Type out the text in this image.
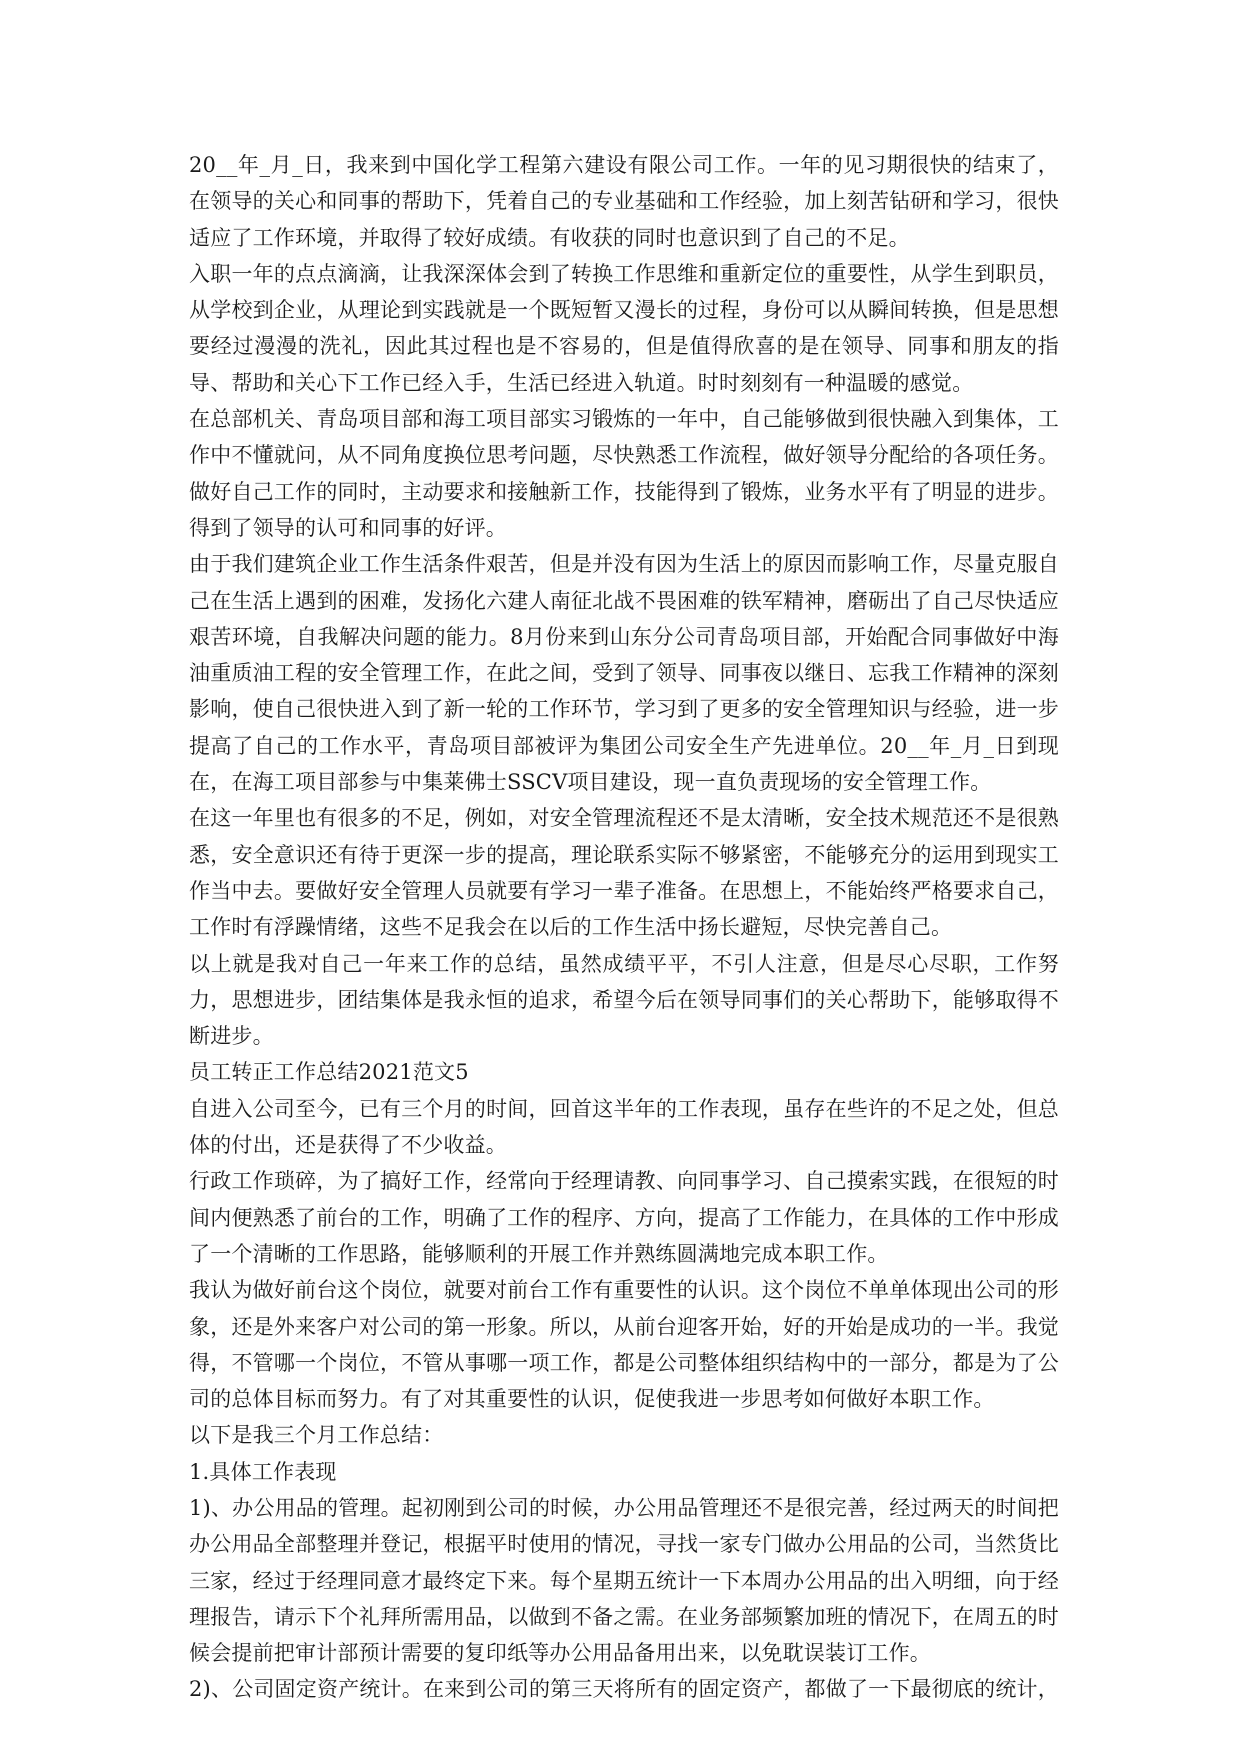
20__年_月_日，我来到中国化学工程第六建设有限公司工作。一年的见习期很快的结束了，在领导的关心和同事的帮助下，凭着自己的专业基础和工作经验，加上刻苦钻研和学习，很快适应了工作环境，并取得了较好成绩。有收获的同时也意识到了自己的不足。

入职一年的点点滴滴，让我深深体会到了转换工作思维和重新定位的重要性，从学生到职员，从学校到企业，从理论到实践就是一个既短暂又漫长的过程，身份可以从瞬间转换，但是思想要经过漫漫的洗礼，因此其过程也是不容易的，但是值得欣喜的是在领导、同事和朋友的指导、帮助和关心下工作已经入手，生活已经进入轨道。时时刻刻有一种温暖的感觉。

在总部机关、青岛项目部和海工项目部实习锻炼的一年中，自己能够做到很快融入到集体，工作中不懂就问，从不同角度换位思考问题，尽快熟悉工作流程，做好领导分配给的各项任务。做好自己工作的同时，主动要求和接触新工作，技能得到了锻炼，业务水平有了明显的进步。得到了领导的认可和同事的好评。

由于我们建筑企业工作生活条件艰苦，但是并没有因为生活上的原因而影响工作，尽量克服自己在生活上遇到的困难，发扬化六建人南征北战不畏困难的铁军精神，磨砺出了自己尽快适应艰苦环境，自我解决问题的能力。8月份来到山东分公司青岛项目部，开始配合同事做好中海油重质油工程的安全管理工作，在此之间，受到了领导、同事夜以继日、忘我工作精神的深刻影响，使自己很快进入到了新一轮的工作环节，学习到了更多的安全管理知识与经验，进一步提高了自己的工作水平，青岛项目部被评为集团公司安全生产先进单位。20__年_月_日到现在，在海工项目部参与中集莱佛士SSCV项目建设，现一直负责现场的安全管理工作。

在这一年里也有很多的不足，例如，对安全管理流程还不是太清晰，安全技术规范还不是很熟悉，安全意识还有待于更深一步的提高，理论联系实际不够紧密，不能够充分的运用到现实工作当中去。要做好安全管理人员就要有学习一辈子准备。在思想上，不能始终严格要求自己，工作时有浮躁情绪，这些不足我会在以后的工作生活中扬长避短，尽快完善自己。

以上就是我对自己一年来工作的总结，虽然成绩平平，不引人注意，但是尽心尽职，工作努力，思想进步，团结集体是我永恒的追求，希望今后在领导同事们的关心帮助下，能够取得不断进步。

员工转正工作总结2021范文5

自进入公司至今，已有三个月的时间，回首这半年的工作表现，虽存在些许的不足之处，但总体的付出，还是获得了不少收益。

行政工作琐碎，为了搞好工作，经常向于经理请教、向同事学习、自己摸索实践，在很短的时间内便熟悉了前台的工作，明确了工作的程序、方向，提高了工作能力，在具体的工作中形成了一个清晰的工作思路，能够顺利的开展工作并熟练圆满地完成本职工作。

我认为做好前台这个岗位，就要对前台工作有重要性的认识。这个岗位不单单体现出公司的形象，还是外来客户对公司的第一形象。所以，从前台迎客开始，好的开始是成功的一半。我觉得，不管哪一个岗位，不管从事哪一项工作，都是公司整体组织结构中的一部分，都是为了公司的总体目标而努力。有了对其重要性的认识，促使我进一步思考如何做好本职工作。

以下是我三个月工作总结：

1.具体工作表现

1)、办公用品的管理。起初刚到公司的时候，办公用品管理还不是很完善，经过两天的时间把办公用品全部整理并登记，根据平时使用的情况，寻找一家专门做办公用品的公司，当然货比三家，经过于经理同意才最终定下来。每个星期五统计一下本周办公用品的出入明细，向于经理报告，请示下个礼拜所需用品，以做到不备之需。在业务部频繁加班的情况下，在周五的时候会提前把审计部预计需要的复印纸等办公用品备用出来，以免耽误装订工作。

2)、公司固定资产统计。在来到公司的第三天将所有的固定资产，都做了一下最彻底的统计，
